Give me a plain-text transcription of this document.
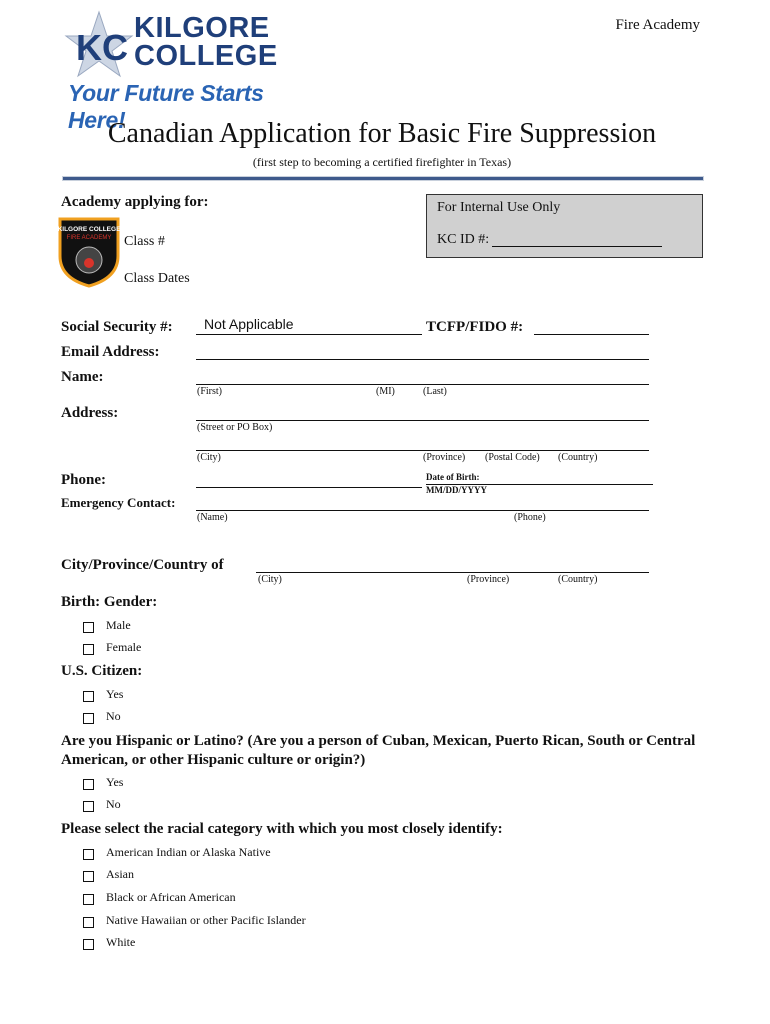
KC KILGORE
COLLEGE
Your Future Starts Here!
Fire Academy
Canadian Application for Basic Fire Suppression
(first step to becoming a certified firefighter in Texas)
Academy applying for:
KILGORE COLLEGE
FIRE ACADEMY Class #
Class Dates
For Internal Use Only
KC ID #:
Social Security #: Not Applicable	TCFP/FIDO #:
Email Address:
Name:
(First)	(MI)	(Last)
Address:
(Street or PO Box)
(City)	(Province) (Postal Code) (Country)
Phone:	Date of Birth:
MM/DD/YYYY
Emergency Contact:
(Name)	(Phone)
City/Province/Country of
(City)	(Province)	(Country)
Birth: Gender:
Male
Female
U.S. Citizen:
Yes
No
Are you Hispanic or Latino? (Are you a person of Cuban, Mexican, Puerto Rican, South or Central
American, or other Hispanic culture or origin?)
Yes
No
Please select the racial category with which you most closely identify:
American Indian or Alaska Native
Asian
Black or African American
Native Hawaiian or other Pacific Islander
White
